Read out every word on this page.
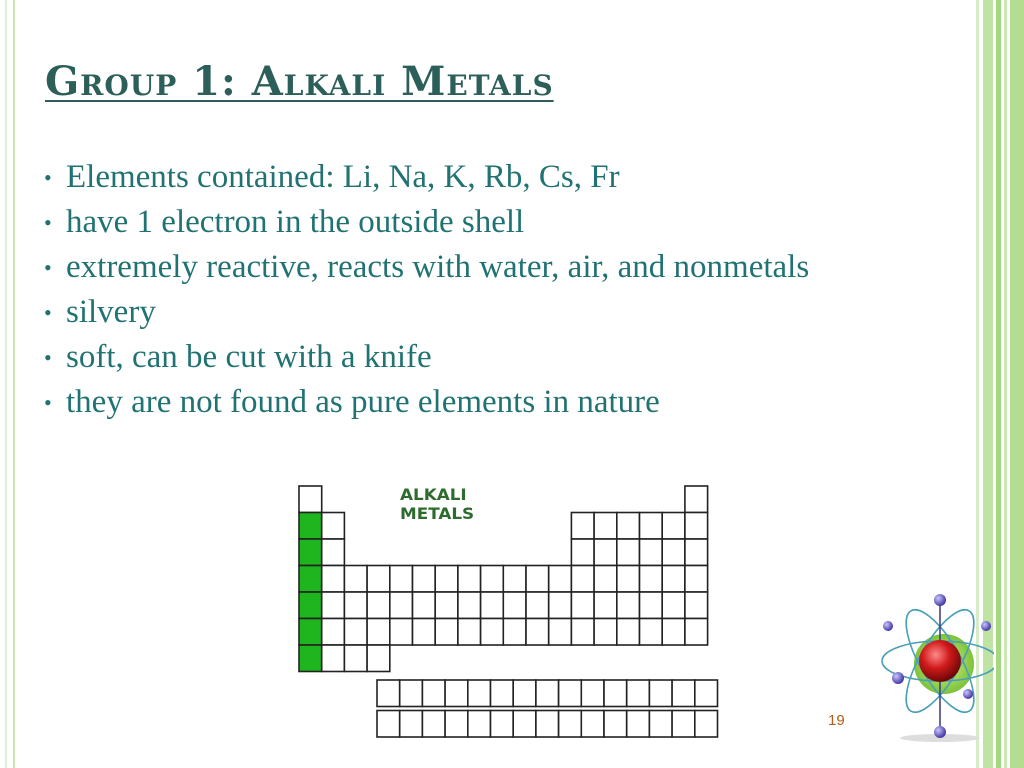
Group 1: Alkali Metals
• Elements contained: Li, Na, K, Rb, Cs, Fr
• have 1 electron in the outside shell
• extremely reactive, reacts with water, air, and nonmetals
• silvery
• soft, can be cut with a knife
• they are not found as pure elements in nature
ALKALI
METALS
19
